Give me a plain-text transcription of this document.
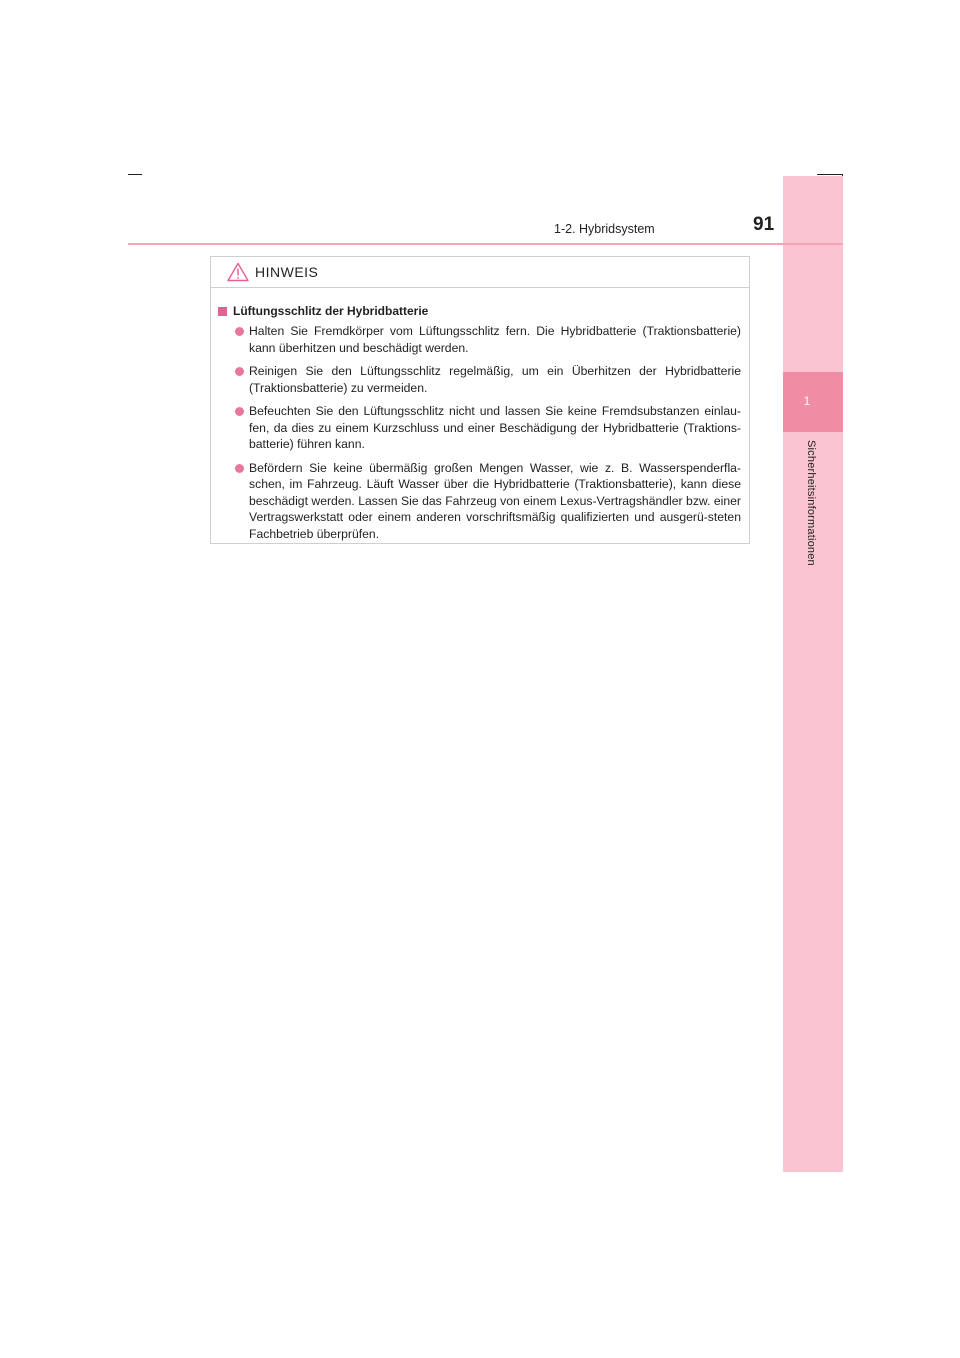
1
Sicherheitsinformationen
1-2. Hybridsystem	91
HINWEIS
Lüftungsschlitz der Hybridbatterie
Halten Sie Fremdkörper vom Lüftungsschlitz fern. Die Hybridbatterie (Traktionsbatterie) kann überhitzen und beschädigt werden.
Reinigen Sie den Lüftungsschlitz regelmäßig, um ein Überhitzen der Hybridbatterie (Traktionsbatterie) zu vermeiden.
Befeuchten Sie den Lüftungsschlitz nicht und lassen Sie keine Fremdsubstanzen einlau-fen, da dies zu einem Kurzschluss und einer Beschädigung der Hybridbatterie (Traktions-batterie) führen kann.
Befördern Sie keine übermäßig großen Mengen Wasser, wie z. B. Wasserspenderfla-schen, im Fahrzeug. Läuft Wasser über die Hybridbatterie (Traktionsbatterie), kann diese beschädigt werden. Lassen Sie das Fahrzeug von einem Lexus-Vertragshändler bzw. einer Vertragswerkstatt oder einem anderen vorschriftsmäßig qualifizierten und ausgerü-steten Fachbetrieb überprüfen.
